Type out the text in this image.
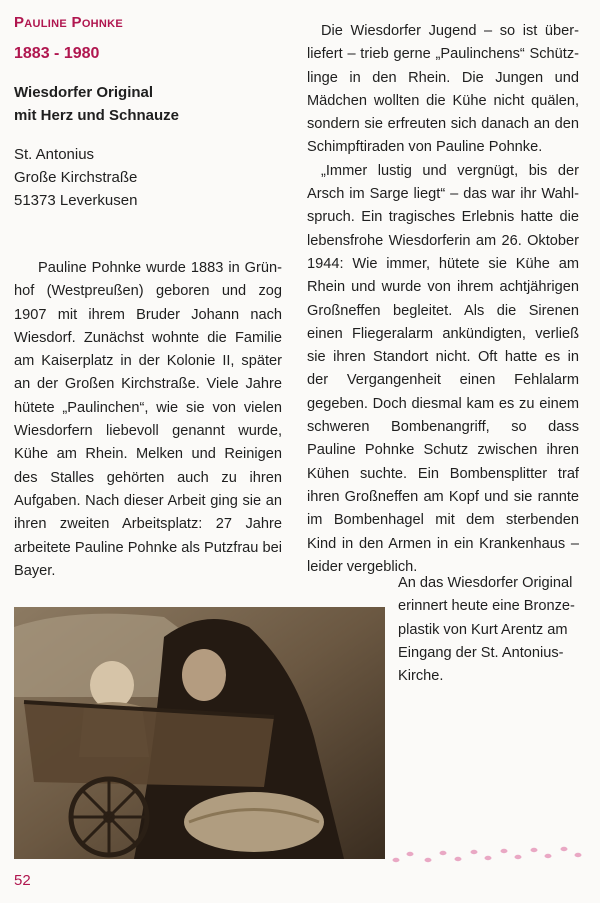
Pauline Pohnke
1883 - 1980
Wiesdorfer Original
mit Herz und Schnauze
St. Antonius
Große Kirchstraße
51373 Leverkusen

Pauline Pohnke wurde 1883 in Grünhof (Westpreußen) geboren und zog 1907 mit ihrem Bruder Johann nach Wiesdorf. Zunächst wohnte die Familie am Kaiserplatz in der Kolonie II, später an der Großen Kirchstraße. Viele Jahre hütete „Paulinchen“, wie sie von vielen Wiesdorfern liebevoll genannt wurde, Kühe am Rhein. Melken und Reinigen des Stalles gehörten auch zu ihren Aufgaben. Nach dieser Arbeit ging sie an ihren zweiten Arbeitsplatz: 27 Jahre arbeitete Pauline Pohnke als Putzfrau bei Bayer.

Die Wiesdorfer Jugend – so ist überliefert – trieb gerne „Paulinchens“ Schützlinge in den Rhein. Die Jungen und Mädchen wollten die Kühe nicht quälen, sondern sie erfreuten sich danach an den Schimpftiraden von Pauline Pohnke.

„Immer lustig und vergnügt, bis der Arsch im Sarge liegt“ – das war ihr Wahlspruch. Ein tragisches Erlebnis hatte die lebensfrohe Wiesdorferin am 26. Oktober 1944: Wie immer, hütete sie Kühe am Rhein und wurde von ihrem achtjährigen Großneffen begleitet. Als die Sirenen einen Fliegeralarm ankündigten, verließ sie ihren Standort nicht. Oft hatte es in der Vergangenheit einen Fehlalarm gegeben. Doch diesmal kam es zu einem schweren Bombenangriff, so dass Pauline Pohnke Schutz zwischen ihren Kühen suchte. Ein Bombensplitter traf ihren Großneffen am Kopf und sie rannte im Bombenhagel mit dem sterbenden Kind in den Armen in ein Krankenhaus – leider vergeblich.

An das Wiesdorfer Original erinnert heute eine Bronzeplastik von Kurt Arentz am Eingang der St. Antonius-Kirche.

52
